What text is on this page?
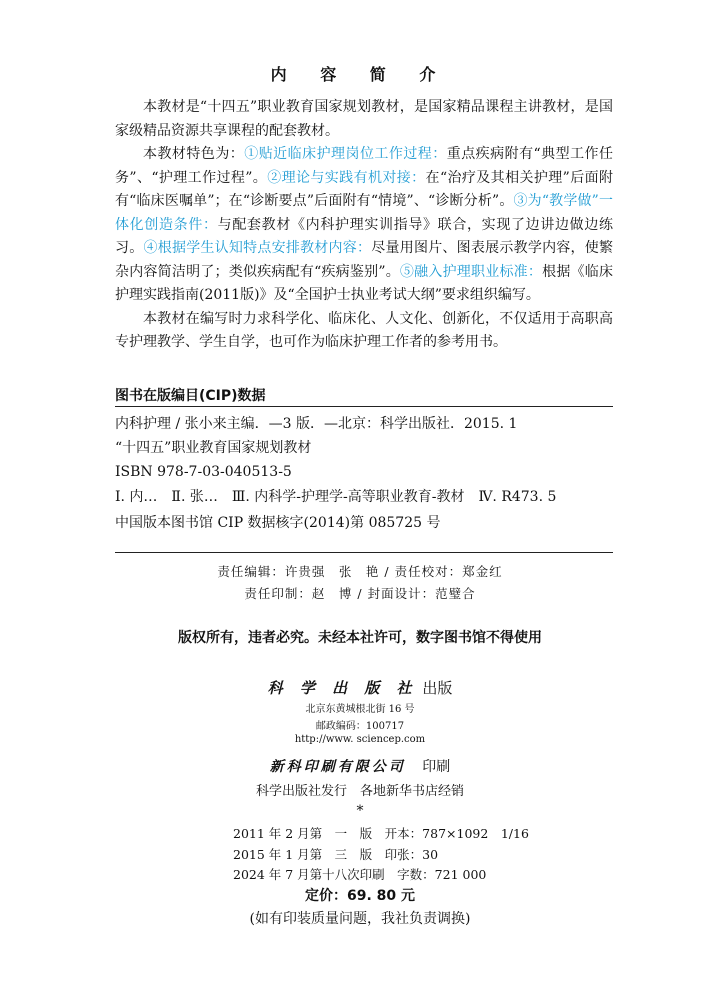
内 容 简 介

本教材是“十四五”职业教育国家规划教材，是国家精品课程主讲教材，是国家级精品资源共享课程的配套教材。

本教材特色为：①贴近临床护理岗位工作过程：重点疾病附有“典型工作任务”、“护理工作过程”。②理论与实践有机对接：在“治疗及其相关护理”后面附有“临床医嘱单”；在“诊断要点”后面附有“情境”、“诊断分析”。③为“教学做”一体化创造条件：与配套教材《内科护理实训指导》联合，实现了边讲边做边练习。④根据学生认知特点安排教材内容：尽量用图片、图表展示教学内容，使繁杂内容简洁明了；类似疾病配有“疾病鉴别”。⑤融入护理职业标准：根据《临床护理实践指南(2011版)》及“全国护士执业考试大纲”要求组织编写。

本教材在编写时力求科学化、临床化、人文化、创新化，不仅适用于高职高专护理教学、学生自学，也可作为临床护理工作者的参考用书。

图书在版编目(CIP)数据
内科护理 / 张小来主编．—3 版．—北京：科学出版社．2015. 1
“十四五”职业教育国家规划教材
ISBN 978-7-03-040513-5
Ⅰ. 内…　Ⅱ. 张…　Ⅲ. 内科学-护理学-高等职业教育-教材　Ⅳ. R473. 5
中国版本图书馆 CIP 数据核字(2014)第 085725 号
责任编辑：许贵强　张　艳 / 责任校对：郑金红
责任印制：赵　博 / 封面设计：范璧合
版权所有，违者必究。未经本社许可，数字图书馆不得使用
科 学 出 版 社 出版
北京东黄城根北街 16 号
邮政编码：100717
http://www. sciencep.com
新科印刷有限公司 印刷
科学出版社发行　各地新华书店经销
*
2011 年 2 月第　一　版　开本：787×1092　1/16
2015 年 1 月第　三　版　印张：30
2024 年 7 月第十八次印刷　字数：721 000
定价：69. 80 元
(如有印装质量问题，我社负责调换)
